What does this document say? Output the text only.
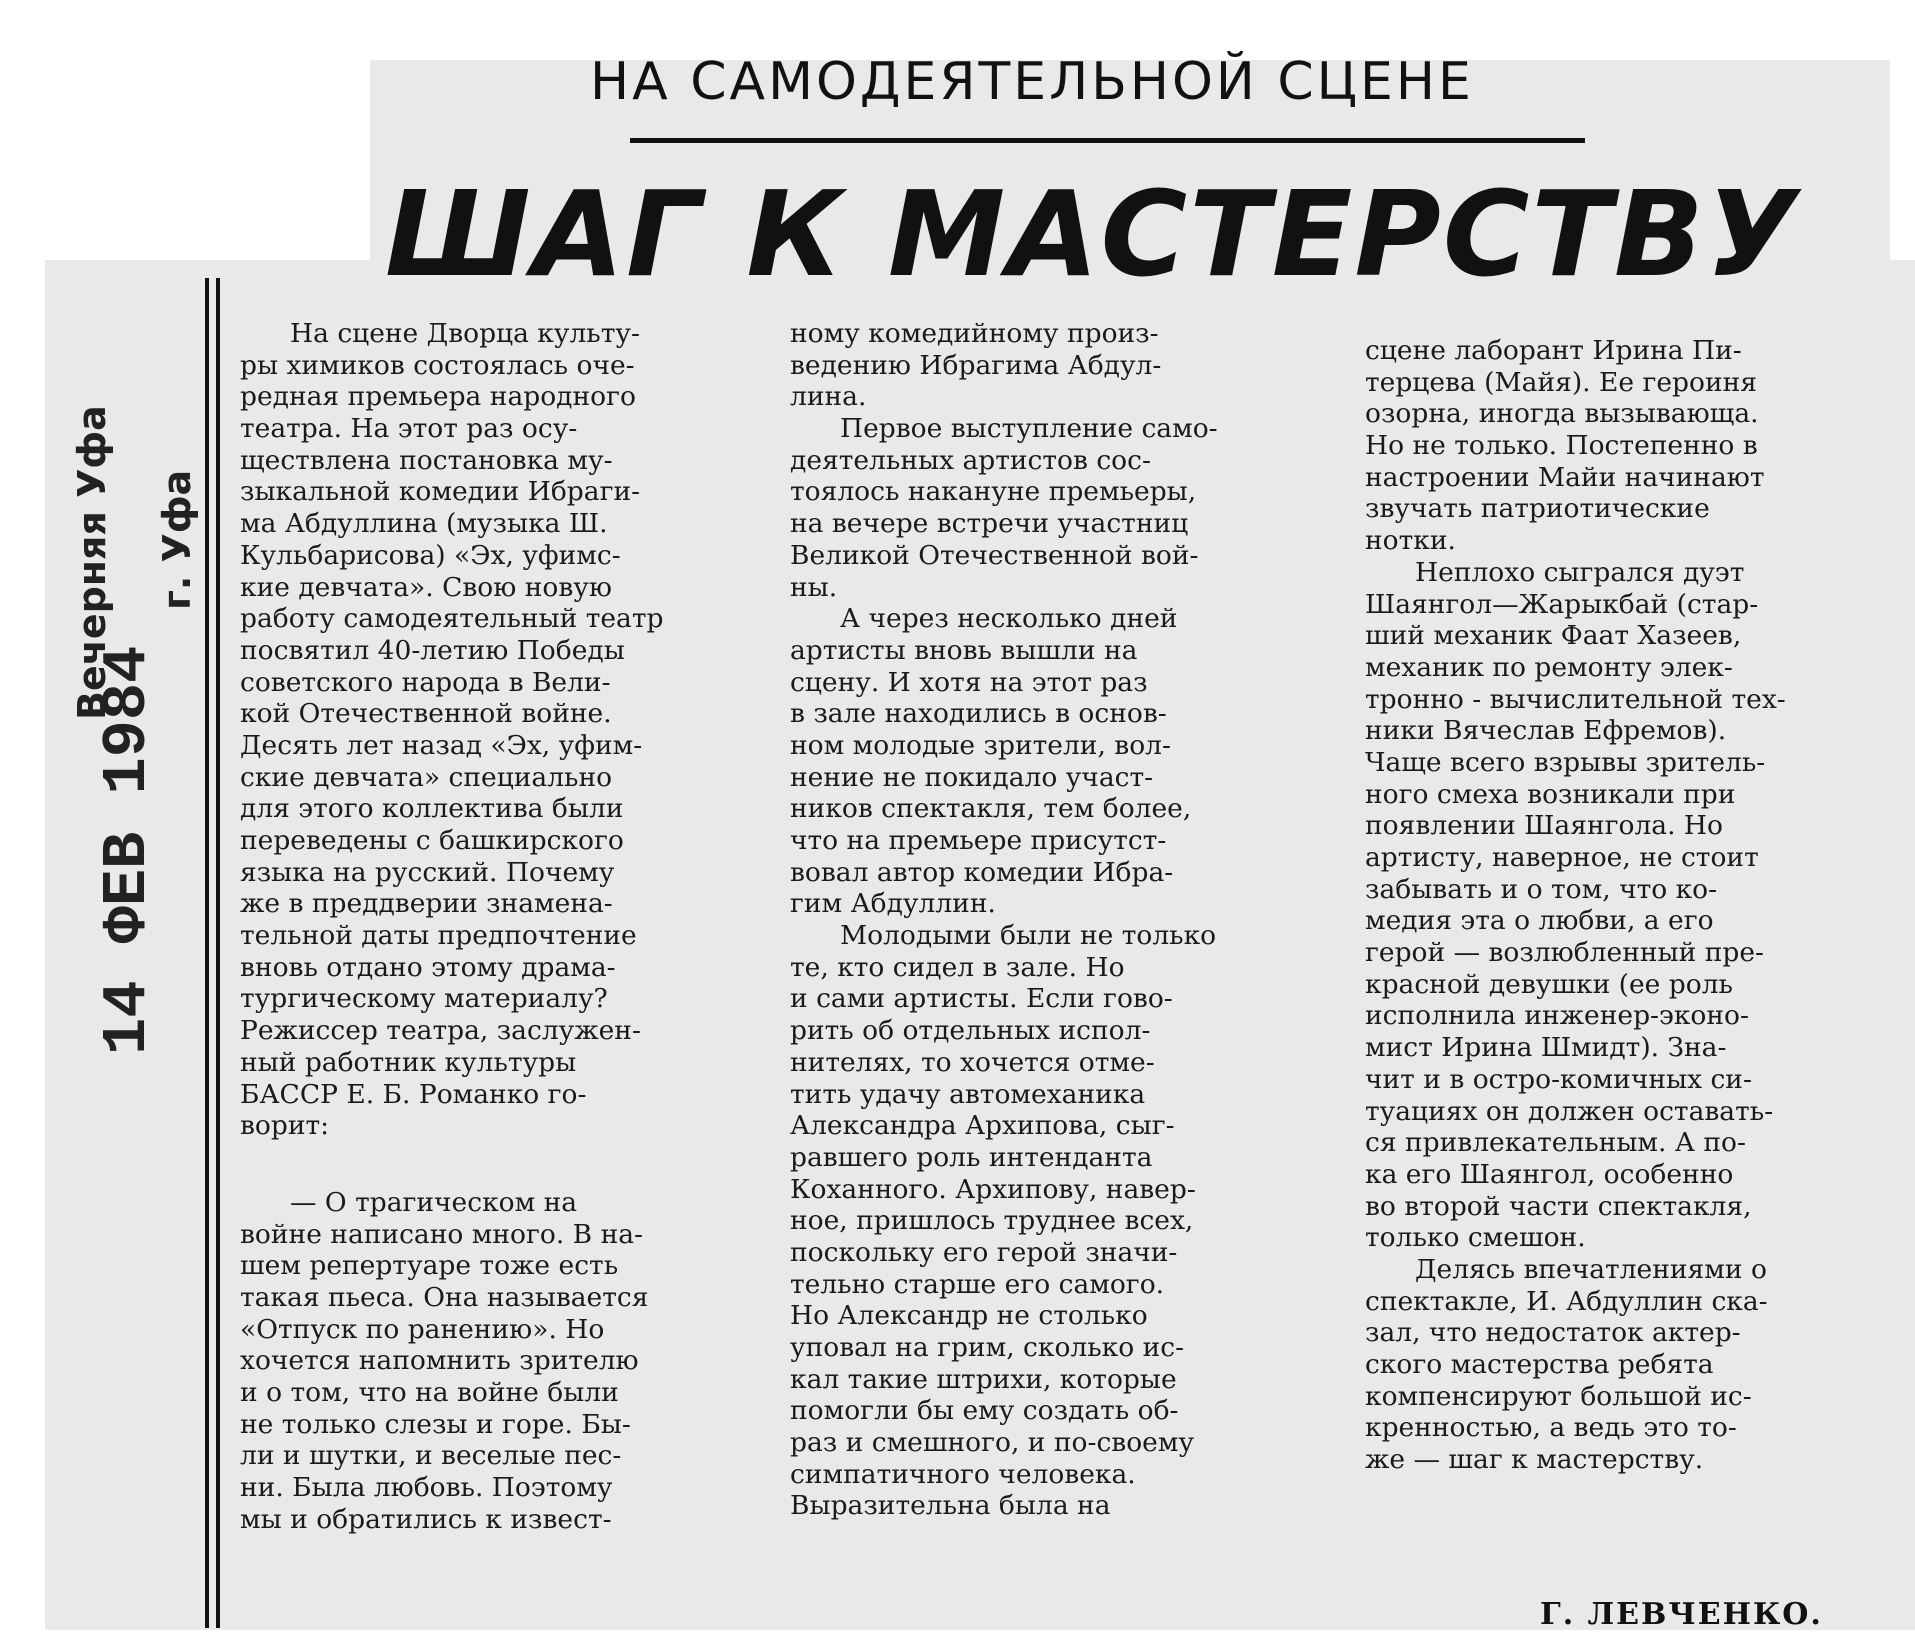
НА САМОДЕЯТЕЛЬНОЙ СЦЕНЕ
ШАГ К МАСТЕРСТВУ
Вечерняя Уфа г. Уфа
14 ФЕВ 1984
На сцене Дворца культу-
ры химиков состоялась оче-
редная премьера народного
театра. На этот раз осу-
ществлена постановка му-
зыкальной комедии Ибраги-
ма Абдуллина (музыка Ш.
Кульбарисова) «Эх, уфимс-
кие девчата». Свою новую
работу самодеятельный театр
посвятил 40-летию Победы
советского народа в Вели-
кой Отечественной войне.
Десять лет назад «Эх, уфим-
ские девчата» специально
для этого коллектива были
переведены с башкирского
языка на русский. Почему
же в преддверии знамена-
тельной даты предпочтение
вновь отдано этому драма-
тургическому материалу?
Режиссер театра, заслужен-
ный работник культуры
БАССР Е. Б. Романко го-
ворит:
— О трагическом на
войне написано много. В на-
шем репертуаре тоже есть
такая пьеса. Она называется
«Отпуск по ранению». Но
хочется напомнить зрителю
и о том, что на войне были
не только слезы и горе. Бы-
ли и шутки, и веселые пес-
ни. Была любовь. Поэтому
мы и обратились к извест-
ному комедийному произ-
ведению Ибрагима Абдул-
лина.
Первое выступление само-
деятельных артистов сос-
тоялось накануне премьеры,
на вечере встречи участниц
Великой Отечественной вой-
ны.
А через несколько дней
артисты вновь вышли на
сцену. И хотя на этот раз
в зале находились в основ-
ном молодые зрители, вол-
нение не покидало участ-
ников спектакля, тем более,
что на премьере присутст-
вовал автор комедии Ибра-
гим Абдуллин.
Молодыми были не только
те, кто сидел в зале. Но
и сами артисты. Если гово-
рить об отдельных испол-
нителях, то хочется отме-
тить удачу автомеханика
Александра Архипова, сыг-
равшего роль интенданта
Коханного. Архипову, навер-
ное, пришлось труднее всех,
поскольку его герой значи-
тельно старше его самого.
Но Александр не столько
уповал на грим, сколько ис-
кал такие штрихи, которые
помогли бы ему создать об-
раз и смешного, и по-своему
симпатичного человека.
Выразительна была на
сцене лаборант Ирина Пи-
терцева (Майя). Ее героиня
озорна, иногда вызывающа.
Но не только. Постепенно в
настроении Майи начинают
звучать патриотические
нотки.
Неплохо сыгрался дуэт
Шаянгол—Жарыкбай (стар-
ший механик Фаат Хазеев,
механик по ремонту элек-
тронно - вычислительной тех-
ники Вячеслав Ефремов).
Чаще всего взрывы зритель-
ного смеха возникали при
появлении Шаянгола. Но
артисту, наверное, не стоит
забывать и о том, что ко-
медия эта о любви, а его
герой — возлюбленный пре-
красной девушки (ее роль
исполнила инженер-эконо-
мист Ирина Шмидт). Зна-
чит и в остро-комичных си-
туациях он должен оставать-
ся привлекательным. А по-
ка его Шаянгол, особенно
во второй части спектакля,
только смешон.
Делясь впечатлениями о
спектакле, И. Абдуллин ска-
зал, что недостаток актер-
ского мастерства ребята
компенсируют большой ис-
кренностью, а ведь это то-
же — шаг к мастерству.
Г. ЛЕВЧЕНКО.
